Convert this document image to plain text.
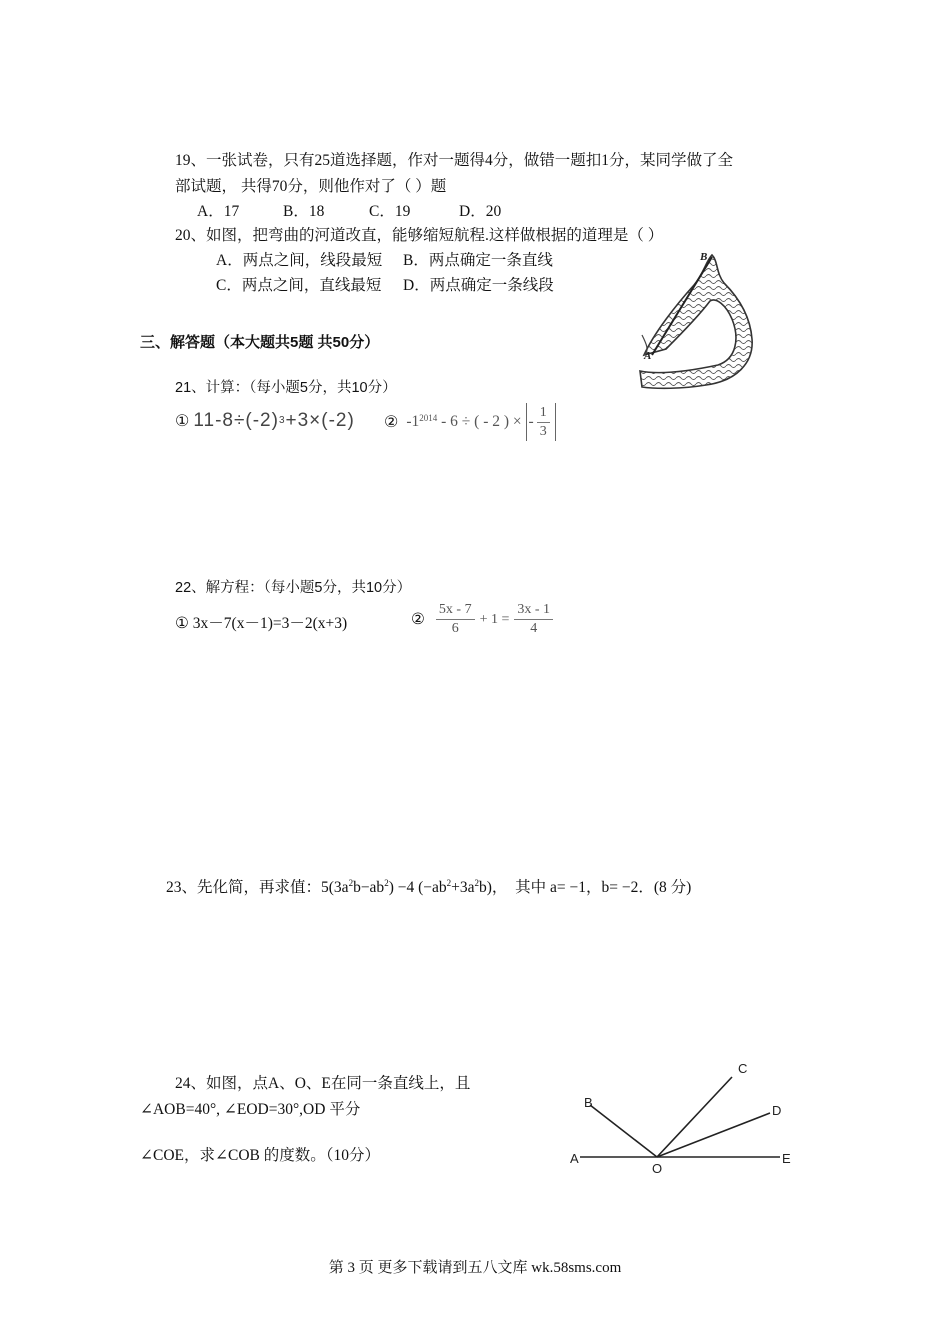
19、一张试卷，只有25道选择题，作对一题得4分，做错一题扣1分，某同学做了全
部试题， 共得70分，则他作对了（ ）题
A．17	B．18	C．19	D．20
20、如图，把弯曲的河道改直，能够缩短航程.这样做根据的道理是（ ）
A．两点之间，线段最短 B．两点确定一条直线
C．两点之间，直线最短 D．两点确定一条线段
B
A
三、解答题（本大题共5题 共50分）
21、计算：（每小题5分，共10分）
① 11-8÷(-2) 3 +3×(-2) ② $-1^{2014} - 6$ ÷ ( - 2 ) × - $\frac{1}{3}$
22、解方程：（每小题5分，共10分）
① 3x－7(x－1)=3－2(x+3)	② $\frac{5x - 7}{6} + 1 = \frac{3x - 1}{4}$
23、先化简，再求值：$5(3a^2b-ab^2) -4$ $(-ab^2+3a^2b)$，  其中 a= −1，b= −2．(8 分)
24、如图，点A、O、E在同一条直线上，且
∠AOB=40°, ∠EOD=30°,OD 平分
∠COE，求∠COB 的度数。（10分）	A
B
C
D
E
O
第 3 页 更多下载请到五八文库 wk.58sms.com
